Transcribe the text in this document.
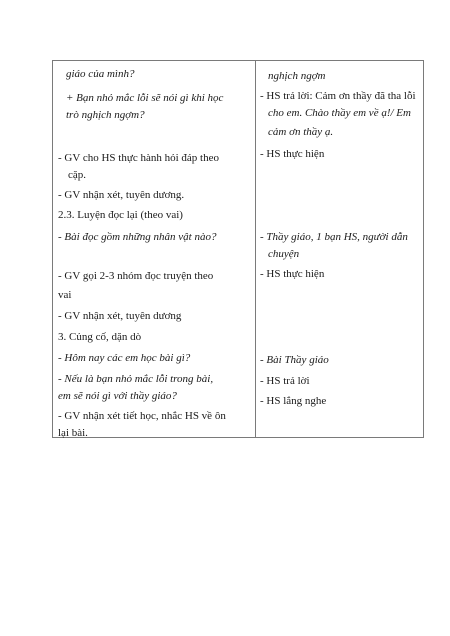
giáo của mình?
+ Bạn nhỏ mắc lỗi sẽ nói gì khi học
trò nghịch ngợm?
- GV cho HS thực hành hỏi đáp theo
cặp.
- GV nhận xét, tuyên dương.
2.3. Luyện đọc lại (theo vai)
- Bài đọc gồm những nhân vật nào?
- GV gọi 2-3 nhóm đọc truyện theo
vai
- GV nhận xét, tuyên dương
3. Củng cố, dặn dò
- Hôm nay các em học bài gì?
- Nếu là bạn nhỏ mắc lỗi trong bài,
em sẽ nói gì với thầy giáo?
- GV nhận xét tiết học, nhắc HS về ôn
lại bài.
nghịch ngợm
- HS trả lời: Cảm ơn thầy đã tha lỗi
cho em. Chào thầy em về ạ!/ Em
cảm ơn thầy ạ.
- HS thực hiện
- Thầy giáo, 1 bạn HS, người dẫn
chuyện
- HS thực hiện
- Bài Thầy giáo
- HS trả lời
- HS lắng nghe
